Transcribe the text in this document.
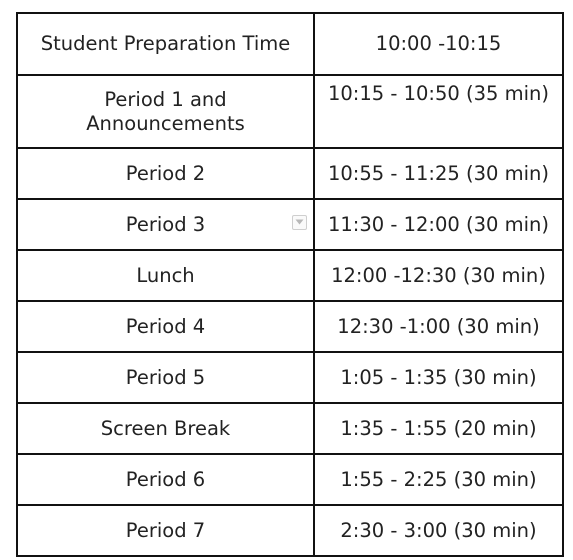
Student Preparation Time	10:00 -10:15
Period 1 and Announcements	10:15 - 10:50 (35 min)
Period 2	10:55 - 11:25 (30 min)

Period 3	11:30 - 12:00 (30 min)
Lunch	12:00 -12:30 (30 min)
Period 4	12:30 -1:00 (30 min)
Period 5	1:05 - 1:35 (30 min)
Screen Break	1:35 - 1:55 (20 min)
Period 6	1:55 - 2:25 (30 min)
Period 7	2:30 - 3:00 (30 min)
